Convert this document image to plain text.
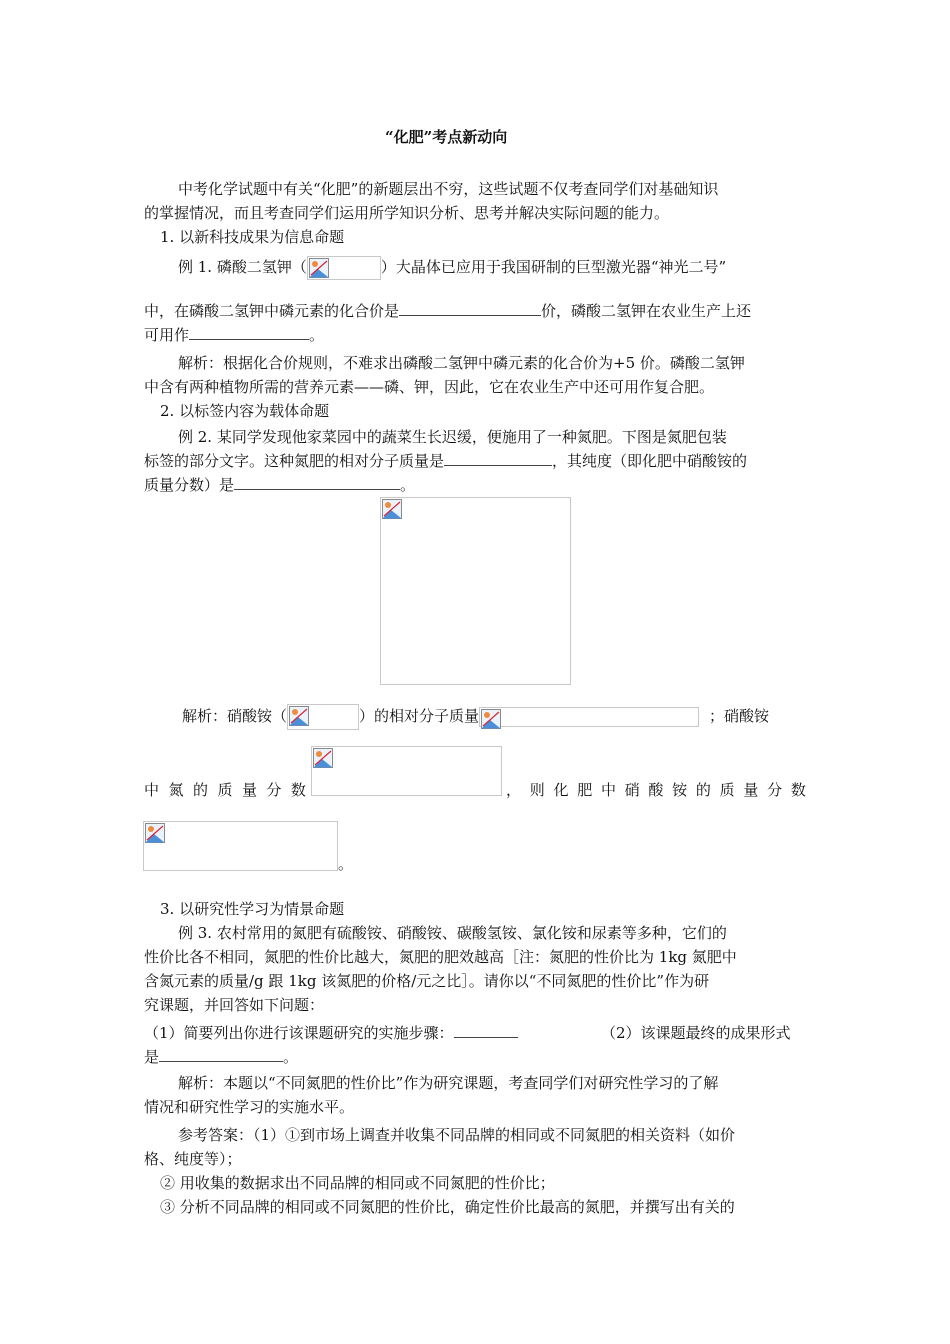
“化肥”考点新动向
中考化学试题中有关“化肥”的新题层出不穷，这些试题不仅考查同学们对基础知识
的掌握情况，而且考查同学们运用所学知识分析、思考并解决实际问题的能力。
1. 以新科技成果为信息命题
例 1. 磷酸二氢钾（	）大晶体已应用于我国研制的巨型激光器“神光二号”
中，在磷酸二氢钾中磷元素的化合价是	价，磷酸二氢钾在农业生产上还
可用作	。
解析：根据化合价规则，不难求出磷酸二氢钾中磷元素的化合价为+5 价。磷酸二氢钾
中含有两种植物所需的营养元素——磷、钾，因此，它在农业生产中还可用作复合肥。
2. 以标签内容为载体命题
例 2. 某同学发现他家菜园中的蔬菜生长迟缓，便施用了一种氮肥。下图是氮肥包装
标签的部分文字。这种氮肥的相对分子质量是	，其纯度（即化肥中硝酸铵的
质量分数）是	。
解析：硝酸铵（	）的相对分子质量	；硝酸铵
中 氮 的 质 量 分 数	， 则 化 肥 中 硝 酸 铵 的 质 量 分 数
。
3. 以研究性学习为情景命题
例 3. 农村常用的氮肥有硫酸铵、硝酸铵、碳酸氢铵、氯化铵和尿素等多种，它们的
性价比各不相同，氮肥的性价比越大，氮肥的肥效越高［注：氮肥的性价比为 1kg 氮肥中
含氮元素的质量/g 跟 1kg 该氮肥的价格/元之比］。请你以“不同氮肥的性价比”作为研
究课题，并回答如下问题：
（1）简要列出你进行该课题研究的实施步骤：	（2）该课题最终的成果形式
是	。
解析：本题以“不同氮肥的性价比”作为研究课题，考查同学们对研究性学习的了解
情况和研究性学习的实施水平。
参考答案：（1）①到市场上调查并收集不同品牌的相同或不同氮肥的相关资料（如价
格、纯度等）；
② 用收集的数据求出不同品牌的相同或不同氮肥的性价比；
③ 分析不同品牌的相同或不同氮肥的性价比，确定性价比最高的氮肥，并撰写出有关的
